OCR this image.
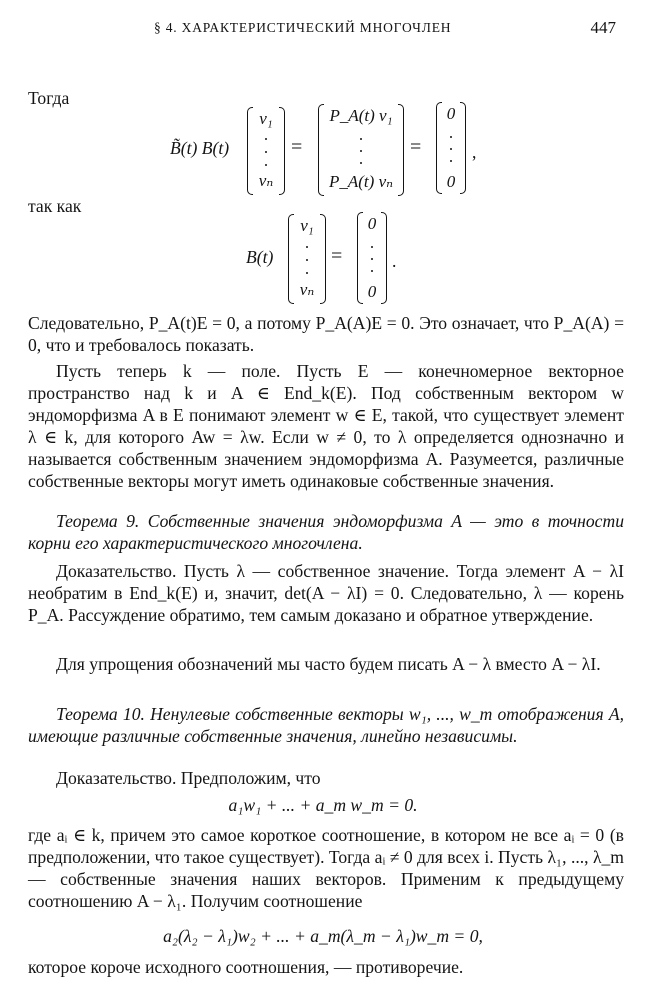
§ 4. ХАРАКТЕРИСТИЧЕСКИЙ МНОГОЧЛЕН	447
Тогда
B̃(t) B(t)
v₁
vₙ
=
P_A(t) v₁
P_A(t) vₙ
=
0
0
,
так как
B(t)
v₁
vₙ
=
0
0
.

Следовательно, P_A(t)E = 0, а потому P_A(A)E = 0. Это означает, что P_A(A) = 0, что и требовалось показать.

Пусть теперь k — поле. Пусть E — конечномерное векторное пространство над k и A ∈ End_k(E). Под собственным вектором w эндоморфизма A в E понимают элемент w ∈ E, такой, что существует элемент λ ∈ k, для которого Aw = λw. Если w ≠ 0, то λ определяется однозначно и называется собственным значением эндоморфизма A. Разумеется, различные собственные векторы могут иметь одинаковые собственные значения.

Теорема 9. Собственные значения эндоморфизма A — это в точности корни его характеристического многочлена.

Доказательство. Пусть λ — собственное значение. Тогда элемент A − λI необратим в End_k(E) и, значит, det(A − λI) = 0. Следовательно, λ — корень P_A. Рассуждение обратимо, тем самым доказано и обратное утверждение.

Для упрощения обозначений мы часто будем писать A − λ вместо A − λI.

Теорема 10. Ненулевые собственные векторы w₁, ..., w_m отображения A, имеющие различные собственные значения, линейно независимы.

Доказательство. Предположим, что

a₁w₁ + ... + a_m w_m = 0.

где aᵢ ∈ k, причем это самое короткое соотношение, в котором не все aᵢ = 0 (в предположении, что такое существует). Тогда aᵢ ≠ 0 для всех i. Пусть λ₁, ..., λ_m — собственные значения наших векторов. Применим к предыдущему соотношению A − λ₁. Получим соотношение

a₂(λ₂ − λ₁)w₂ + ... + a_m(λ_m − λ₁)w_m = 0,

которое короче исходного соотношения, — противоречие.
